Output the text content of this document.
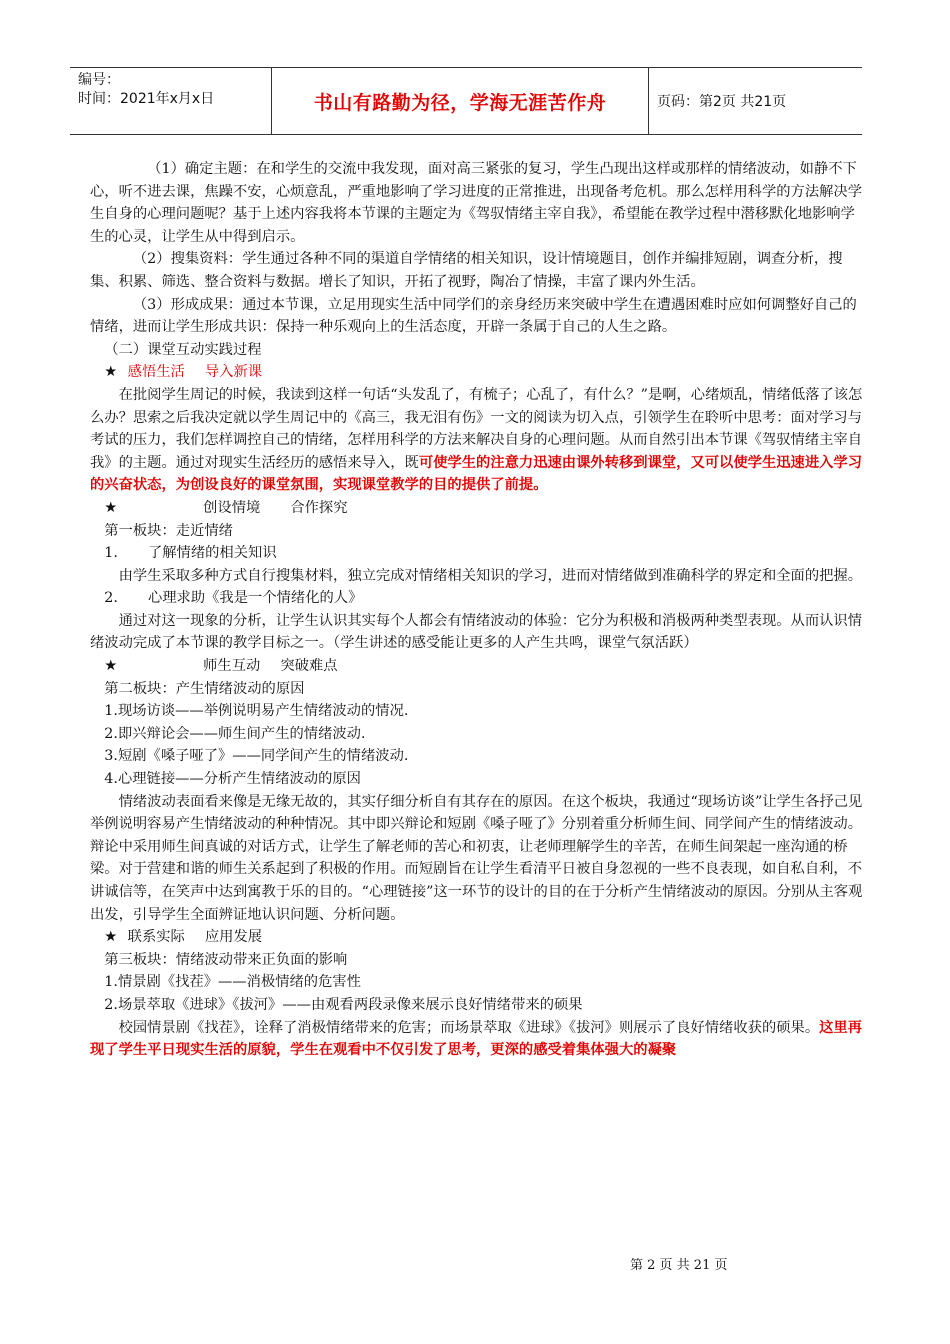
编号：
时间：2021年x月x日	书山有路勤为径，学海无涯苦作舟	页码：第2页 共21页

（1）确定主题：在和学生的交流中我发现，面对高三紧张的复习，学生凸现出这样或那样的情绪波动，如静不下心，听不进去课，焦躁不安，心烦意乱，严重地影响了学习进度的正常推进，出现备考危机。那么怎样用科学的方法解决学生自身的心理问题呢？基于上述内容我将本节课的主题定为《驾驭情绪主宰自我》，希望能在教学过程中潜移默化地影响学生的心灵，让学生从中得到启示。

（2）搜集资料：学生通过各种不同的渠道自学情绪的相关知识，设计情境题目，创作并编排短剧，调查分析，搜集、积累、筛选、整合资料与数据。增长了知识，开拓了视野，陶冶了情操，丰富了课内外生活。

（3）形成成果：通过本节课，立足用现实生活中同学们的亲身经历来突破中学生在遭遇困难时应如何调整好自己的情绪，进而让学生形成共识：保持一种乐观向上的生活态度，开辟一条属于自己的人生之路。

（二）课堂互动实践过程

★ 感悟生活 导入新课

在批阅学生周记的时候，我读到这样一句话“头发乱了，有梳子；心乱了，有什么？”是啊，心绪烦乱，情绪低落了该怎么办？思索之后我决定就以学生周记中的《高三，我无泪有伤》一文的阅读为切入点，引领学生在聆听中思考：面对学习与考试的压力，我们怎样调控自己的情绪，怎样用科学的方法来解决自身的心理问题。从而自然引出本节课《驾驭情绪主宰自我》的主题。通过对现实生活经历的感悟来导入，既可使学生的注意力迅速由课外转移到课堂，又可以使学生迅速进入学习的兴奋状态，为创设良好的课堂氛围，实现课堂教学的目的提供了前提。

★	创设情境 合作探究

第一板块：走近情绪

1. 了解情绪的相关知识

由学生采取多种方式自行搜集材料，独立完成对情绪相关知识的学习，进而对情绪做到准确科学的界定和全面的把握。

2. 心理求助《我是一个情绪化的人》

通过对这一现象的分析，让学生认识其实每个人都会有情绪波动的体验：它分为积极和消极两种类型表现。从而认识情绪波动完成了本节课的教学目标之一。（学生讲述的感受能让更多的人产生共鸣，课堂气氛活跃）

★	师生互动 突破难点

第二板块：产生情绪波动的原因

1.现场访谈——举例说明易产生情绪波动的情况.

2.即兴辩论会——师生间产生的情绪波动.

3.短剧《嗓子哑了》——同学间产生的情绪波动.

4.心理链接——分析产生情绪波动的原因

情绪波动表面看来像是无缘无故的，其实仔细分析自有其存在的原因。在这个板块，我通过“现场访谈”让学生各抒己见举例说明容易产生情绪波动的种种情况。其中即兴辩论和短剧《嗓子哑了》分别着重分析师生间、同学间产生的情绪波动。辩论中采用师生间真诚的对话方式，让学生了解老师的苦心和初衷，让老师理解学生的辛苦，在师生间架起一座沟通的桥梁。对于营建和谐的师生关系起到了积极的作用。而短剧旨在让学生看清平日被自身忽视的一些不良表现，如自私自利，不讲诚信等，在笑声中达到寓教于乐的目的。“心理链接”这一环节的设计的目的在于分析产生情绪波动的原因。分别从主客观出发，引导学生全面辨证地认识问题、分析问题。

★ 联系实际 应用发展

第三板块：情绪波动带来正负面的影响

1.情景剧《找茬》——消极情绪的危害性

2.场景萃取《进球》《拔河》——由观看两段录像来展示良好情绪带来的硕果

校园情景剧《找茬》，诠释了消极情绪带来的危害；而场景萃取《进球》《拔河》则展示了良好情绪收获的硕果。这里再现了学生平日现实生活的原貌，学生在观看中不仅引发了思考，更深的感受着集体强大的凝聚

第 2 页 共 21 页
